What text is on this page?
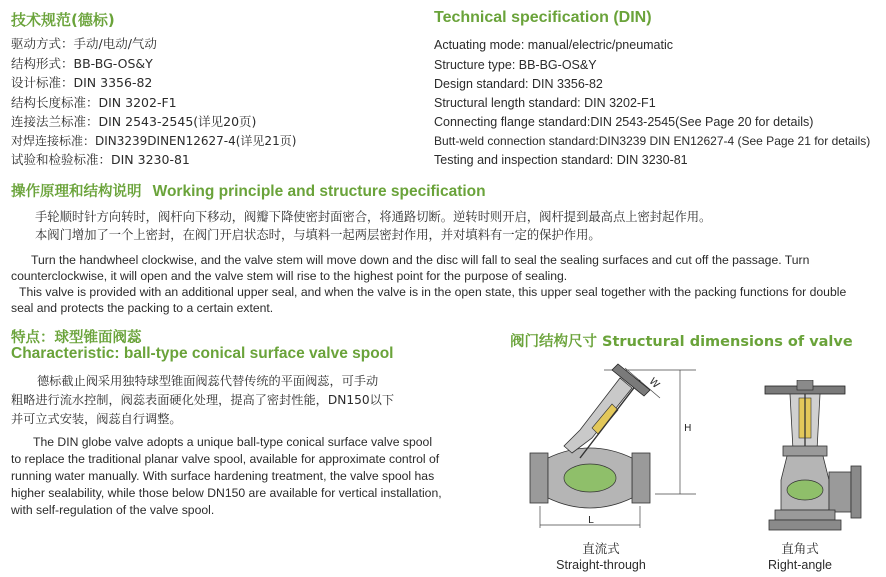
技术规范(德标)
驱动方式：手动/电动/气动
结构形式：BB-BG-OS&Y
设计标准：DIN 3356-82
结构长度标准：DIN 3202-F1
连接法兰标准：DIN 2543-2545(详见20页)
对焊连接标准：DIN3239DINEN12627-4(详见21页)
试验和检验标准：DIN 3230-81
Technical specification (DIN)
Actuating mode: manual/electric/pneumatic
Structure type: BB-BG-OS&Y
Design standard: DIN 3356-82
Structural length standard: DIN 3202-F1
Connecting flange standard:DIN 2543-2545(See Page 20 for details)
Butt-weld connection standard:DIN3239 DIN EN12627-4 (See Page 21 for details)
Testing and inspection standard: DIN 3230-81
操作原理和结构说明 Working principle and structure specification
手轮顺时针方向转时，阀杆向下移动，阀瓣下降使密封面密合，将通路切断。逆转时则开启，阀杆提到最高点上密封起作用。
本阀门增加了一个上密封，在阀门开启状态时，与填料一起两层密封作用，并对填料有一定的保护作用。
Turn the handwheel clockwise, and the valve stem will move down and the disc will fall to seal the sealing surfaces and cut off the passage. Turn
counterclockwise, it will open and the valve stem will rise to the highest point for the purpose of sealing.
This valve is provided with an additional upper seal, and when the valve is in the open state, this upper seal together with the packing functions for double
seal and protects the packing to a certain extent.
特点：球型锥面阀蕊
Characteristic: ball-type conical surface valve spool
德标截止阀采用独特球型锥面阀蕊代替传统的平面阀蕊，可手动
粗略进行流水控制，阀蕊表面硬化处理，提高了密封性能，DN150以下
并可立式安装，阀蕊自行调整。
The DIN globe valve adopts a unique ball-type conical surface valve spool
to replace the traditional planar valve spool, available for approximate control of
running water manually. With surface hardening treatment, the valve spool has
higher sealability, while those below DN150 are available for vertical installation,
with self-regulation of the valve spool.
阀门结构尺寸 Structural dimensions of valve
W
H
L
直流式
Straight-through
直角式
Right-angle
